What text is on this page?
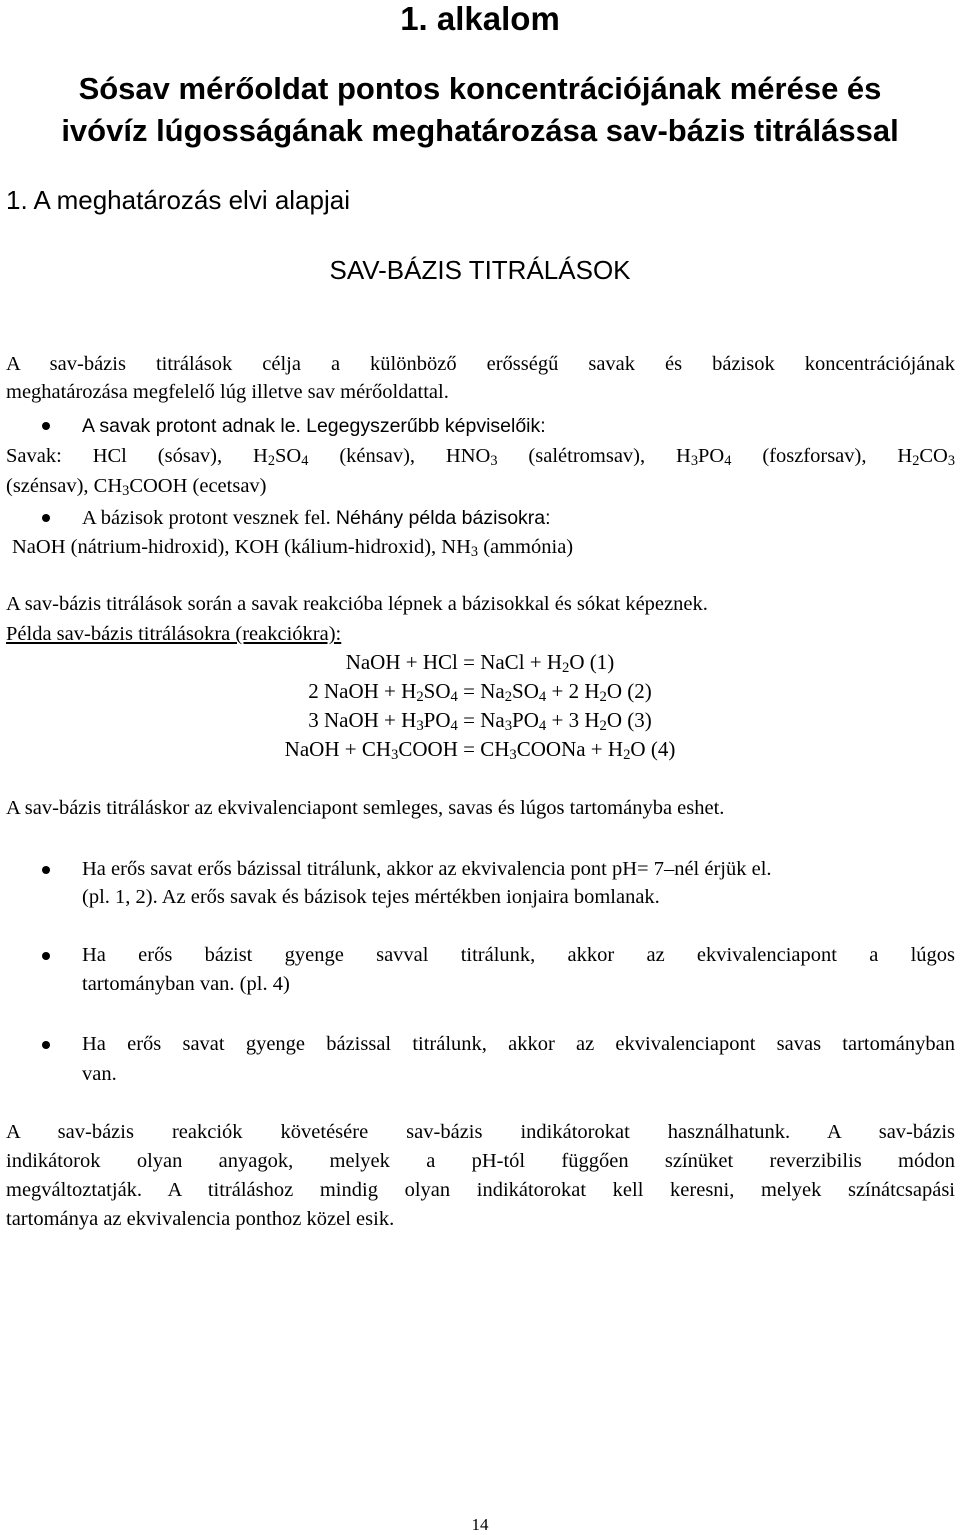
1. alkalom
Sósav mérőoldat pontos koncentrációjának mérése és
ivóvíz lúgosságának meghatározása sav-bázis titrálással
1. A meghatározás elvi alapjai
SAV-BÁZIS TITRÁLÁSOK
A sav-bázis titrálások célja a különböző erősségű savak és bázisok koncentrációjának
meghatározása megfelelő lúg illetve sav mérőoldattal.
A savak protont adnak le. Legegyszerűbb képviselőik:
Savak: HCl (sósav), $H_2SO_4$ (kénsav), $HNO_3$ (salétromsav), $H_3PO_4$ (foszforsav), $H_2CO_3$
(szénsav), $CH_3COOH$ (ecetsav)
A bázisok protont vesznek fel. Néhány példa bázisokra:
NaOH (nátrium-hidroxid), KOH (kálium-hidroxid), $NH_3$ (ammónia)
A sav-bázis titrálások során a savak reakcióba lépnek a bázisokkal és sókat képeznek.
Példa sav-bázis titrálásokra (reakciókra):
NaOH + HCl = NaCl + $H_2O$ (1)
2 NaOH + $H_2SO_4 = Na_2SO_4 + 2$ $H_2O$ (2)
3 NaOH + $H_3PO_4 = Na_3PO_4 + 3$ $H_2O$ (3)
NaOH + $CH_3COOH$ = $CH_3COONa + H_2O$ (4)
A sav-bázis titráláskor az ekvivalenciapont semleges, savas és lúgos tartományba eshet.
Ha erős savat erős bázissal titrálunk, akkor az ekvivalencia pont pH= 7–nél érjük el.
(pl. 1, 2). Az erős savak és bázisok tejes mértékben ionjaira bomlanak.
Ha erős bázist gyenge savval titrálunk, akkor az ekvivalenciapont a lúgos
tartományban van. (pl. 4)
Ha erős savat gyenge bázissal titrálunk, akkor az ekvivalenciapont savas tartományban
van.
A sav-bázis reakciók követésére sav-bázis indikátorokat használhatunk. A sav-bázis
indikátorok olyan anyagok, melyek a pH-tól függően színüket reverzibilis módon
megváltoztatják. A titráláshoz mindig olyan indikátorokat kell keresni, melyek színátcsapási
tartománya az ekvivalencia ponthoz közel esik.
14
